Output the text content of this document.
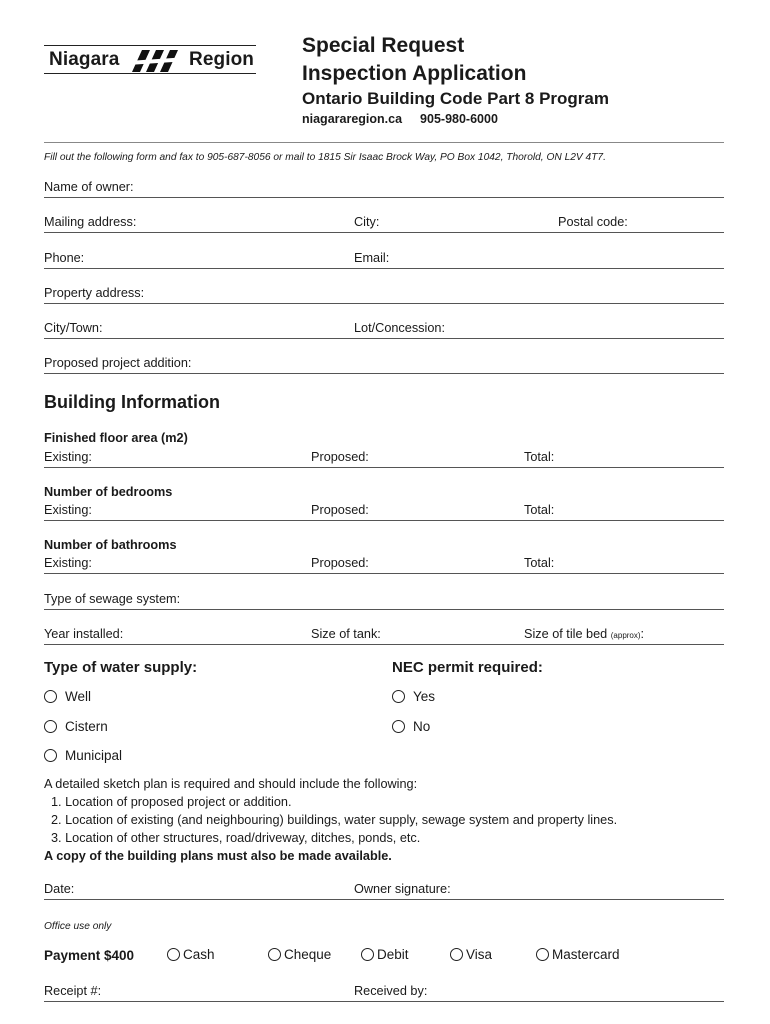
Niagara	Region
Special Request
Inspection Application
Ontario Building Code Part 8 Program
niagararegion.ca 905-980-6000
Fill out the following form and fax to 905-687-8056 or mail to 1815 Sir Isaac Brock Way, PO Box 1042, Thorold, ON L2V 4T7.
Name of owner:
Mailing address:	City:	Postal code:
Phone:	Email:
Property address:
City/Town:	Lot/Concession:
Proposed project addition:
Building Information
Finished floor area (m2)
Existing:	Proposed:	Total:
Number of bedrooms
Existing:	Proposed:	Total:
Number of bathrooms
Existing:	Proposed:	Total:
Type of sewage system:
Year installed:	Size of tank:	Size of tile bed (approx):
Type of water supply:	NEC permit required:
Well
Cistern
Municipal
Yes
No
A detailed sketch plan is required and should include the following:
1. Location of proposed project or addition.
2. Location of existing (and neighbouring) buildings, water supply, sewage system and property lines.
3. Location of other structures, road/driveway, ditches, ponds, etc.
A copy of the building plans must also be made available.
Date:	Owner signature:
Office use only
Payment $400	Cash	Cheque	Debit	Visa	Mastercard
Receipt #:	Received by:
